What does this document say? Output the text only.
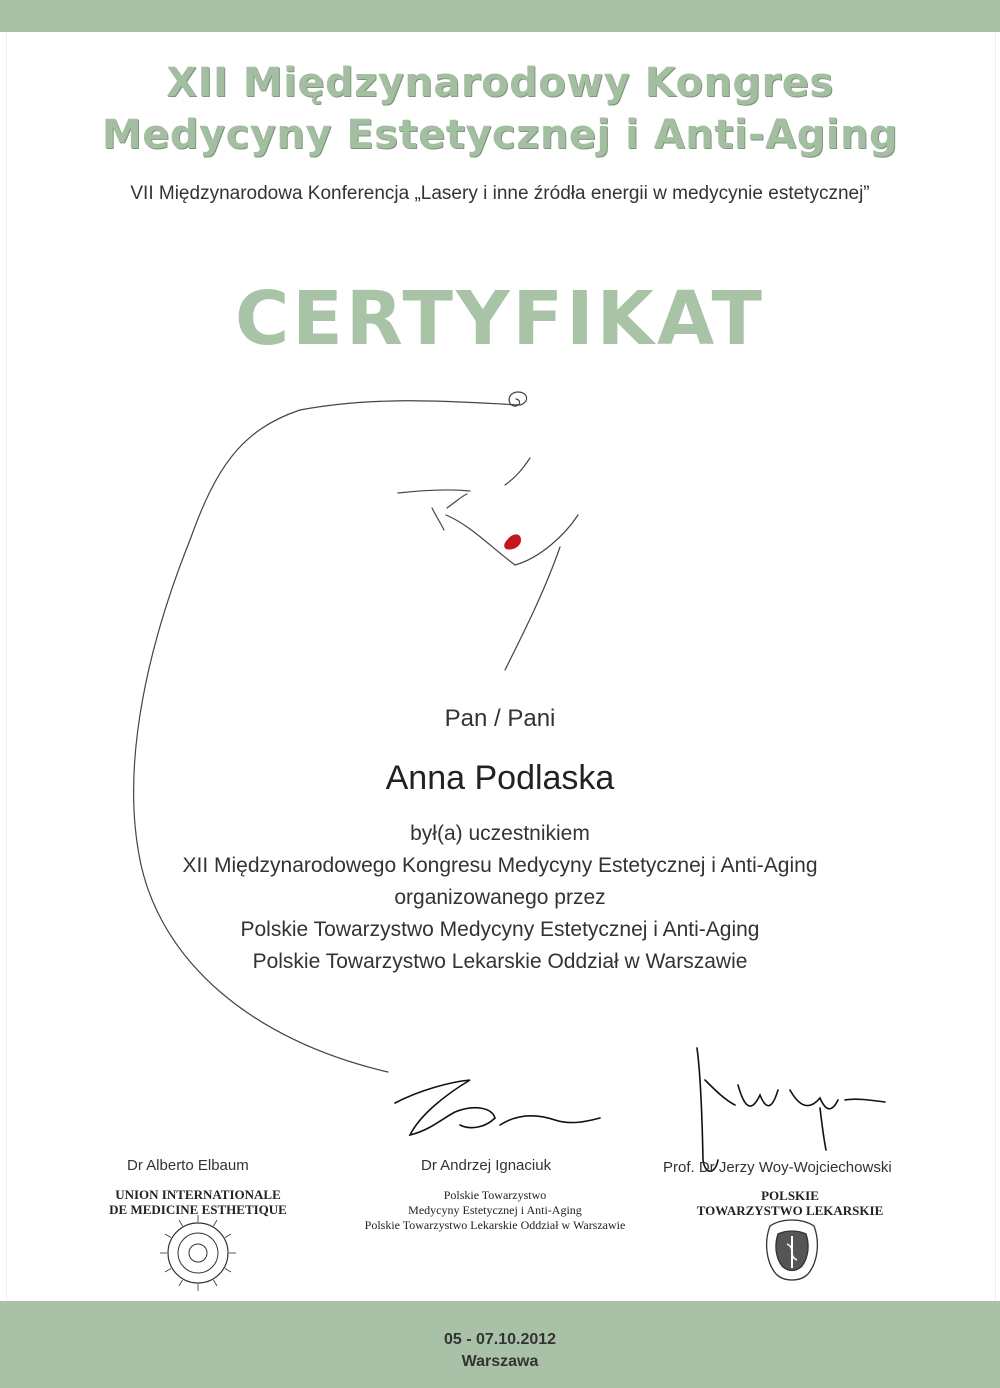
XII Międzynarodowy Kongres
Medycyny Estetycznej i Anti-Aging
VII Międzynarodowa Konferencja „Lasery i inne źródła energii w medycynie estetycznej”
CERTYFIKAT
Pan / Pani
Anna Podlaska
był(a) uczestnikiem
XII Międzynarodowego Kongresu Medycyny Estetycznej i Anti-Aging
organizowanego przez
Polskie Towarzystwo Medycyny Estetycznej i Anti-Aging
Polskie Towarzystwo Lekarskie Oddział w Warszawie
Dr Alberto Elbaum
UNION INTERNATIONALE
DE MEDICINE ESTHETIQUE
Dr Andrzej Ignaciuk
Polskie Towarzystwo
Medycyny Estetycznej i Anti-Aging
Polskie Towarzystwo Lekarskie Oddział w Warszawie
Prof. Dr Jerzy Woy-Wojciechowski
POLSKIE
TOWARZYSTWO LEKARSKIE
05 - 07.10.2012
Warszawa
